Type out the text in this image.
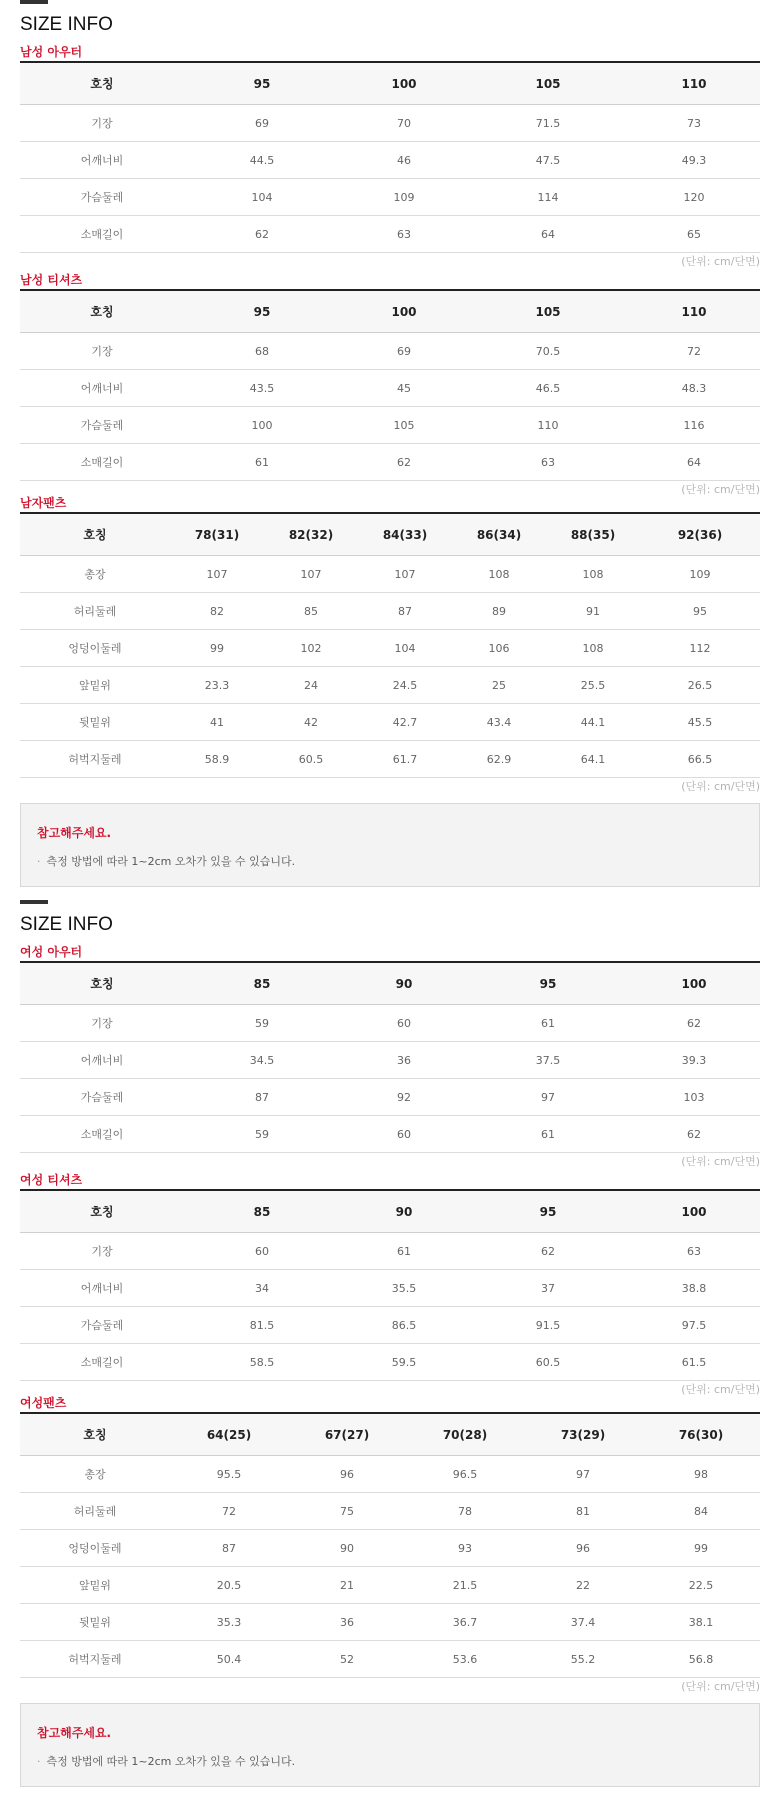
SIZE INFO
남성 아우터
호칭	95	100	105	110
기장	69	70	71.5	73
어깨너비	44.5	46	47.5	49.3
가슴둘레	104	109	114	120
소매길이	62	63	64	65
(단위: cm/단면)
남성 티셔츠
호칭	95	100	105	110
기장	68	69	70.5	72
어깨너비	43.5	45	46.5	48.3
가슴둘레	100	105	110	116
소매길이	61	62	63	64
(단위: cm/단면)
남자팬츠
호칭	78(31)	82(32)	84(33)	86(34)	88(35)	92(36)
총장	107	107	107	108	108	109
허리둘레	82	85	87	89	91	95
엉덩이둘레	99	102	104	106	108	112
앞밑위	23.3	24	24.5	25	25.5	26.5
뒷밑위	41	42	42.7	43.4	44.1	45.5
허벅지둘레	58.9	60.5	61.7	62.9	64.1	66.5
(단위: cm/단면)
참고해주세요.
· 측정 방법에 따라 1~2cm 오차가 있을 수 있습니다.
SIZE INFO
여성 아우터
호칭	85	90	95	100
기장	59	60	61	62
어깨너비	34.5	36	37.5	39.3
가슴둘레	87	92	97	103
소매길이	59	60	61	62
(단위: cm/단면)
여성 티셔츠
호칭	85	90	95	100
기장	60	61	62	63
어깨너비	34	35.5	37	38.8
가슴둘레	81.5	86.5	91.5	97.5
소매길이	58.5	59.5	60.5	61.5
(단위: cm/단면)
여성팬츠
호칭	64(25)	67(27)	70(28)	73(29)	76(30)
총장	95.5	96	96.5	97	98
허리둘레	72	75	78	81	84
엉덩이둘레	87	90	93	96	99
앞밑위	20.5	21	21.5	22	22.5
뒷밑위	35.3	36	36.7	37.4	38.1
허벅지둘레	50.4	52	53.6	55.2	56.8
(단위: cm/단면)
참고해주세요.
· 측정 방법에 따라 1~2cm 오차가 있을 수 있습니다.
